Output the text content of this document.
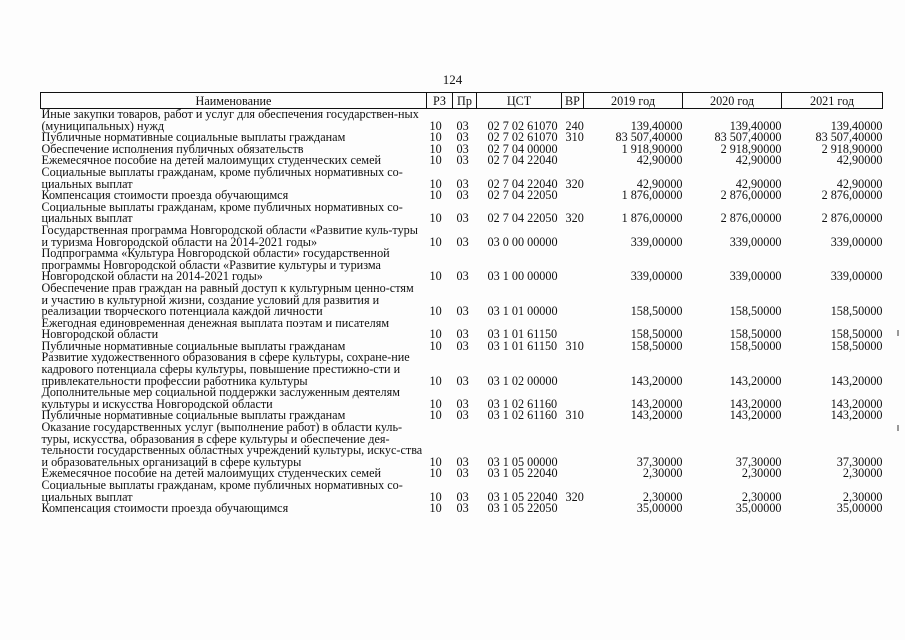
124
Наименование	РЗ	Пр	ЦСТ	ВР	2019 год	2020 год	2021 год
Иные закупки товаров, работ и услуг для обеспечения государствен-ных (муниципальных) нужд	10	03	02 7 02 61070	240	139,40000	139,40000	139,40000
Публичные нормативные социальные выплаты гражданам	10	03	02 7 02 61070	310	83 507,40000	83 507,40000	83 507,40000
Обеспечение исполнения публичных обязательств	10	03	02 7 04 00000		1 918,90000	2 918,90000	2 918,90000
Ежемесячное пособие на детей малоимущих студенческих семей	10	03	02 7 04 22040		42,90000	42,90000	42,90000
Социальные выплаты гражданам, кроме публичных нормативных со-циальных выплат	10	03	02 7 04 22040	320	42,90000	42,90000	42,90000
Компенсация стоимости проезда обучающимся	10	03	02 7 04 22050		1 876,00000	2 876,00000	2 876,00000
Социальные выплаты гражданам, кроме публичных нормативных со-циальных выплат	10	03	02 7 04 22050	320	1 876,00000	2 876,00000	2 876,00000
Государственная программа Новгородской области «Развитие куль-туры и туризма Новгородской области на 2014-2021 годы»	10	03	03 0 00 00000		339,00000	339,00000	339,00000
Подпрограмма «Культура Новгородской области» государственной программы Новгородской области «Развитие культуры и туризма Новгородской области на 2014-2021 годы»	10	03	03 1 00 00000		339,00000	339,00000	339,00000
Обеспечение прав граждан на равный доступ к культурным ценно-стям и участию в культурной жизни, создание условий для развития и реализации творческого потенциала каждой личности	10	03	03 1 01 00000		158,50000	158,50000	158,50000
Ежегодная единовременная денежная выплата поэтам и писателям Новгородской области	10	03	03 1 01 61150		158,50000	158,50000	158,50000
Публичные нормативные социальные выплаты гражданам	10	03	03 1 01 61150	310	158,50000	158,50000	158,50000
Развитие художественного образования в сфере культуры, сохране-ние кадрового потенциала сферы культуры, повышение престижно-сти и привлекательности профессии работника культуры	10	03	03 1 02 00000		143,20000	143,20000	143,20000
Дополнительные мер социальной поддержки заслуженным деятелям культуры и искусства Новгородской области	10	03	03 1 02 61160		143,20000	143,20000	143,20000
Публичные нормативные социальные выплаты гражданам	10	03	03 1 02 61160	310	143,20000	143,20000	143,20000
Оказание государственных услуг (выполнение работ) в области куль-туры, искусства, образования в сфере культуры и обеспечение дея-тельности государственных областных учреждений культуры, искус-ства и образовательных организаций в сфере культуры	10	03	03 1 05 00000		37,30000	37,30000	37,30000
Ежемесячное пособие на детей малоимущих студенческих семей	10	03	03 1 05 22040		2,30000	2,30000	2,30000
Социальные выплаты гражданам, кроме публичных нормативных со-циальных выплат	10	03	03 1 05 22040	320	2,30000	2,30000	2,30000
Компенсация стоимости проезда обучающимся	10	03	03 1 05 22050		35,00000	35,00000	35,00000
